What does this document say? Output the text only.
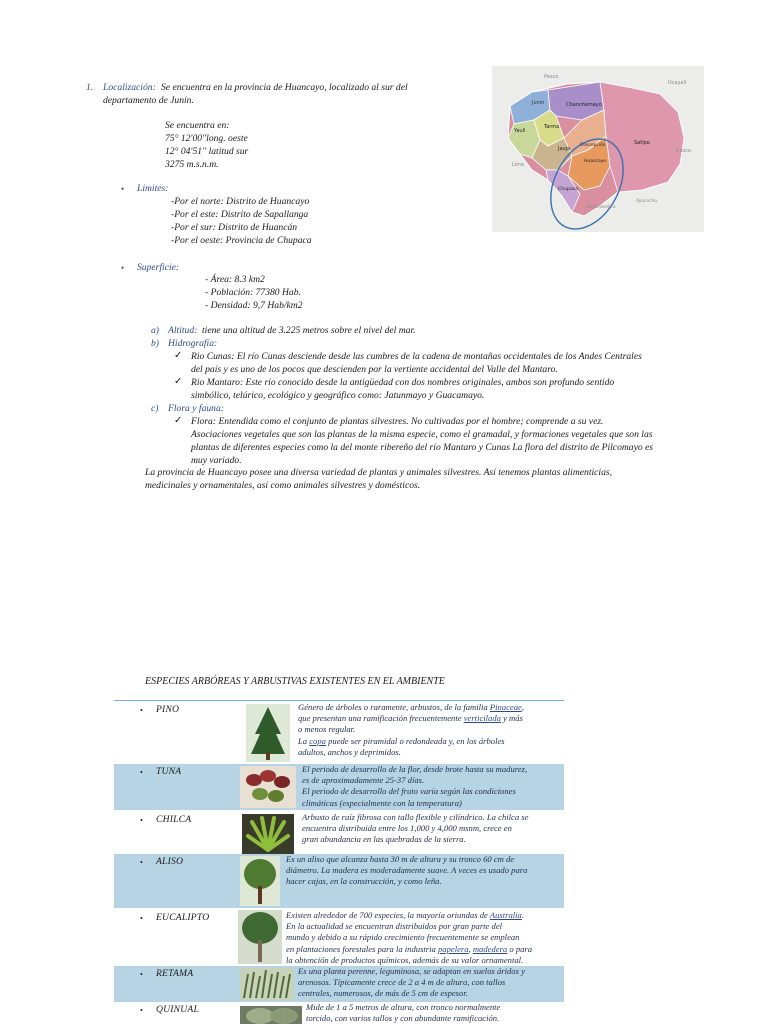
1. Localización: Se encuentra en la provincia de Huancayo, localizado al sur del
departamento de Junín.
Se encuentra en:
75° 12'00''long. oeste
12° 04'51'' latitud sur
3275 m.s.n.m.
• Limites:
-Por el norte: Distrito de Huancayo
-Por el este: Distrito de Sapallanga
-Por el sur: Distrito de Huancán
-Por el oeste: Provincia de Chupaca
• Superficie:
- Área: 8.3 km2
- Población: 77380 Hab.
- Densidad: 9,7 Hab/km2
a) Altitud: tiene una altitud de 3.225 metros sobre el nivel del mar.
b) Hidrografía:
✓ Rio Cunas: El río Cunas desciende desde las cumbres de la cadena de montañas occidentales de los Andes Centrales
del país y es uno de los pocos que descienden por la vertiente accidental del Valle del Mantaro.
✓ Rio Mantaro: Este río conocido desde la antigüedad con dos nombres originales, ambos son profundo sentido
simbólico, telúrico, ecológico y geográfico como: Jatunmayo y Guacamayo.
c) Flora y fauna:
✓ Flora: Entendida como el conjunto de plantas silvestres. No cultivadas por el hombre; comprende a su vez.
Asociaciones vegetales que son las plantas de la misma especie, como el gramadal, y formaciones vegetales que son las
plantas de diferentes especies como la del monte ribereño del río Mantaro y Cunas La flora del distrito de Pilcomayo es
muy variado.
La provincia de Huancayo posee una diversa variedad de plantas y animales silvestres. Así tenemos plantas alimenticias,
medicinales y ornamentales, así como animales silvestres y domésticos.
Pasco
Ucayali
Junín	Chanchamayo
Yauli
Tarma
Satipo
Jauja
Concepción
Huancayo
Chupaca
Lima
Cusco
Huancavelica
Ayacucho
ESPECIES ARBÓREAS Y ARBUSTIVAS EXISTENTES EN EL AMBIENTE
• PINO	Género de árboles o raramente, arbustos, de la familia Pinaceae,
que presentan una ramificación frecuentemente verticilada y más
o menos regular.
La copa puede ser piramidal o redondeada y, en los árboles
adultos, anchos y deprimidos.
• TUNA	El periodo de desarrollo de la flor, desde brote hasta su madurez,
es de aproximadamente 25-37 días.
El periodo de desarrollo del fruto varía según las condiciones
climáticas (especialmente con la temperatura)
• CHILCA	Arbusto de raíz fibrosa con tallo flexible y cilíndrico. La chilca se
encuentra distribuida entre los 1,000 y 4,000 msnm, crece en
gran abundancia en las quebradas de la sierra.
• ALISO	Es un aliso que alcanza hasta 30 m de altura y su tronco 60 cm de
diámetro. La madera es moderadamente suave. A veces es usado para
hacer cajas, en la construcción, y como leña.
• EUCALIPTO	Existen alrededor de 700 especies, la mayoría oriundas de Australia.
En la actualidad se encuentran distribuidos por gran parte del
mundo y debido a su rápido crecimiento frecuentemente se emplean
en plantaciones forestales para la industria papelera, madedera o para
la obtención de productos químicos, además de su valor ornamental.
• RETAMA	Es una planta perenne, leguminosa, se adaptan en suelos áridos y
arenosos. Típicamente crece de 2 a 4 m de altura, con tallos
centrales, numerosos, de más de 5 cm de espesor.
• QUINUAL	Mide de 1 a 5 metros de altura, con tronco normalmente
torcido, con varios tallos y con abundante ramificación.
